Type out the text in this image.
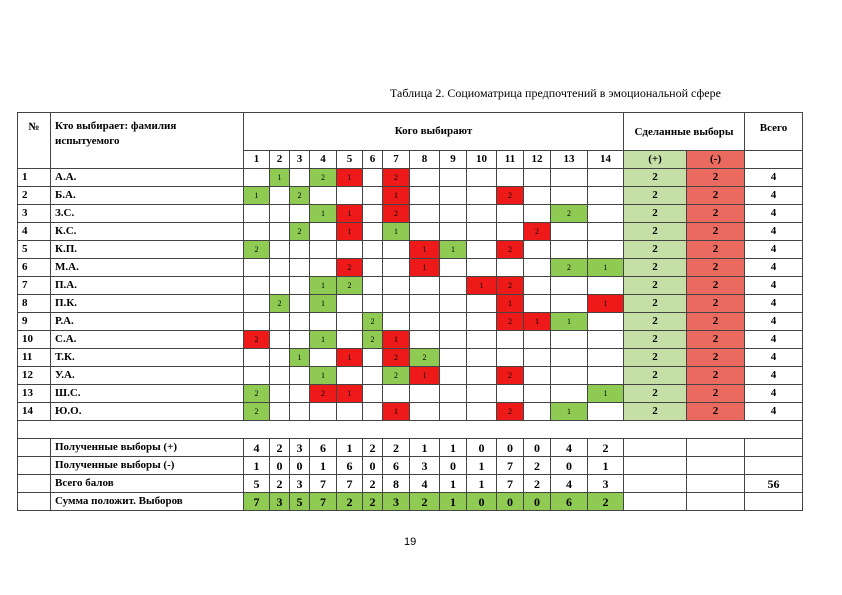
Таблица 2. Социоматрица предпочтений в эмоциональной сфере
№	Кто выбирает: фамилия испытуемого	Кого выбирают														Сделанные выборы		Всего
		1	2	3	4	5	6	7	8	9	10	11	12	13	14	(+)	(-)	
1	А.А.		1		2	1		2								2	2	4
2	Б.А.	1		2				1				2				2	2	4
3	З.С.				1	1		2						2		2	2	4
4	К.С.			2		1		1					2			2	2	4
5	К.П.	2							1	1		2				2	2	4
6	М.А.					2			1					2	1	2	2	4
7	П.А.				1	2					1	2				2	2	4
8	П.К.		2		1							1			1	2	2	4
9	Р.А.						2					2	1	1		2	2	4
10	С.А.	2			1		2	1								2	2	4
11	Т.К.			1		1		2	2							2	2	4
12	У.А.				1			2	1			2				2	2	4
13	Ш.С.	2			2	1									1	2	2	4
14	Ю.О.	2						1				2		1		2	2	4

	Полученные выборы (+)	4	2	3	6	1	2	2	1	1	0	0	0	4	2			
	Полученные выборы (-)	1	0	0	1	6	0	6	3	0	1	7	2	0	1			
	Всего балов	5	2	3	7	7	2	8	4	1	1	7	2	4	3			56
	Сумма положит. Выборов	7	3	5	7	2	2	3	2	1	0	0	0	6	2			
19
